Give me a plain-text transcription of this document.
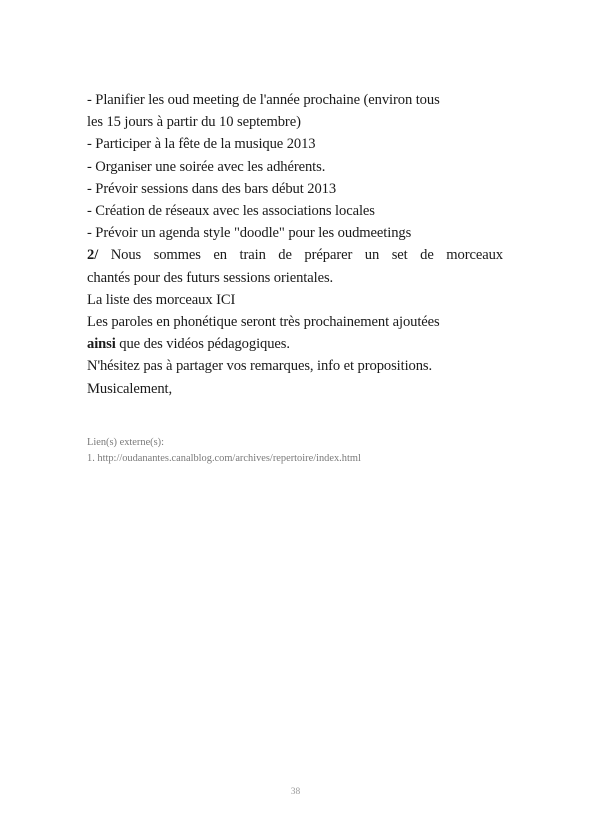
- Planifier les oud meeting de l'année prochaine (environ tous
les 15 jours à partir du 10 septembre)
- Participer à la fête de la musique 2013
- Organiser une soirée avec les adhérents.
- Prévoir sessions dans des bars début 2013
- Création de réseaux avec les associations locales
- Prévoir un agenda style "doodle" pour les oudmeetings
2/ Nous sommes en train de préparer un set de morceaux
chantés pour des futurs sessions orientales.
La liste des morceaux ICI
Les paroles en phonétique seront très prochainement ajoutées
ainsi que des vidéos pédagogiques.
N'hésitez pas à partager vos remarques, info et propositions.
Musicalement,
Lien(s) externe(s):
1. http://oudanantes.canalblog.com/archives/repertoire/index.html
38
